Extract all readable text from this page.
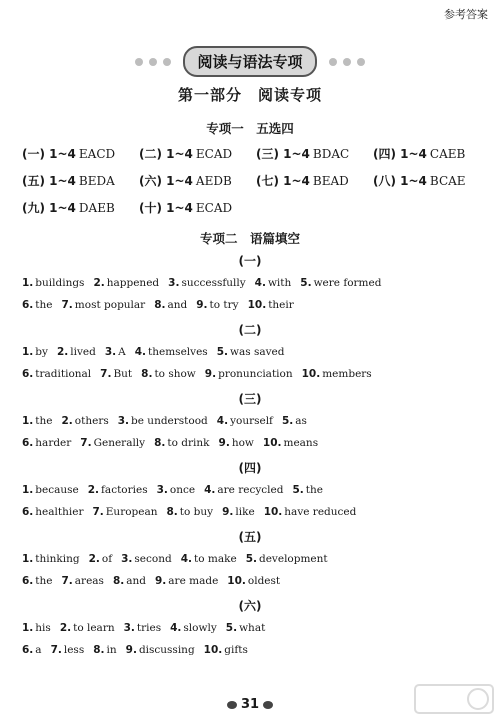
参考答案
阅读与语法专项
第一部分　阅读专项
专项一　五选四
(一) 1~4 EACD	(二) 1~4 ECAD	(三) 1~4 BDAC	(四) 1~4 CAEB
(五) 1~4 BEDA	(六) 1~4 AEDB	(七) 1~4 BEAD	(八) 1~4 BCAE
(九) 1~4 DAEB	(十) 1~4 ECAD
专项二　语篇填空
(一)
1. buildings 2. happened 3. successfully 4. with 5. were formed
6. the 7. most popular 8. and 9. to try 10. their
(二)
1. by 2. lived 3. A 4. themselves 5. was saved
6. traditional 7. But 8. to show 9. pronunciation 10. members
(三)
1. the 2. others 3. be understood 4. yourself 5. as
6. harder 7. Generally 8. to drink 9. how 10. means
(四)
1. because 2. factories 3. once 4. are recycled 5. the
6. healthier 7. European 8. to buy 9. like 10. have reduced
(五)
1. thinking 2. of 3. second 4. to make 5. development
6. the 7. areas 8. and 9. are made 10. oldest
(六)
1. his 2. to learn 3. tries 4. slowly 5. what
6. a 7. less 8. in 9. discussing 10. gifts
31
